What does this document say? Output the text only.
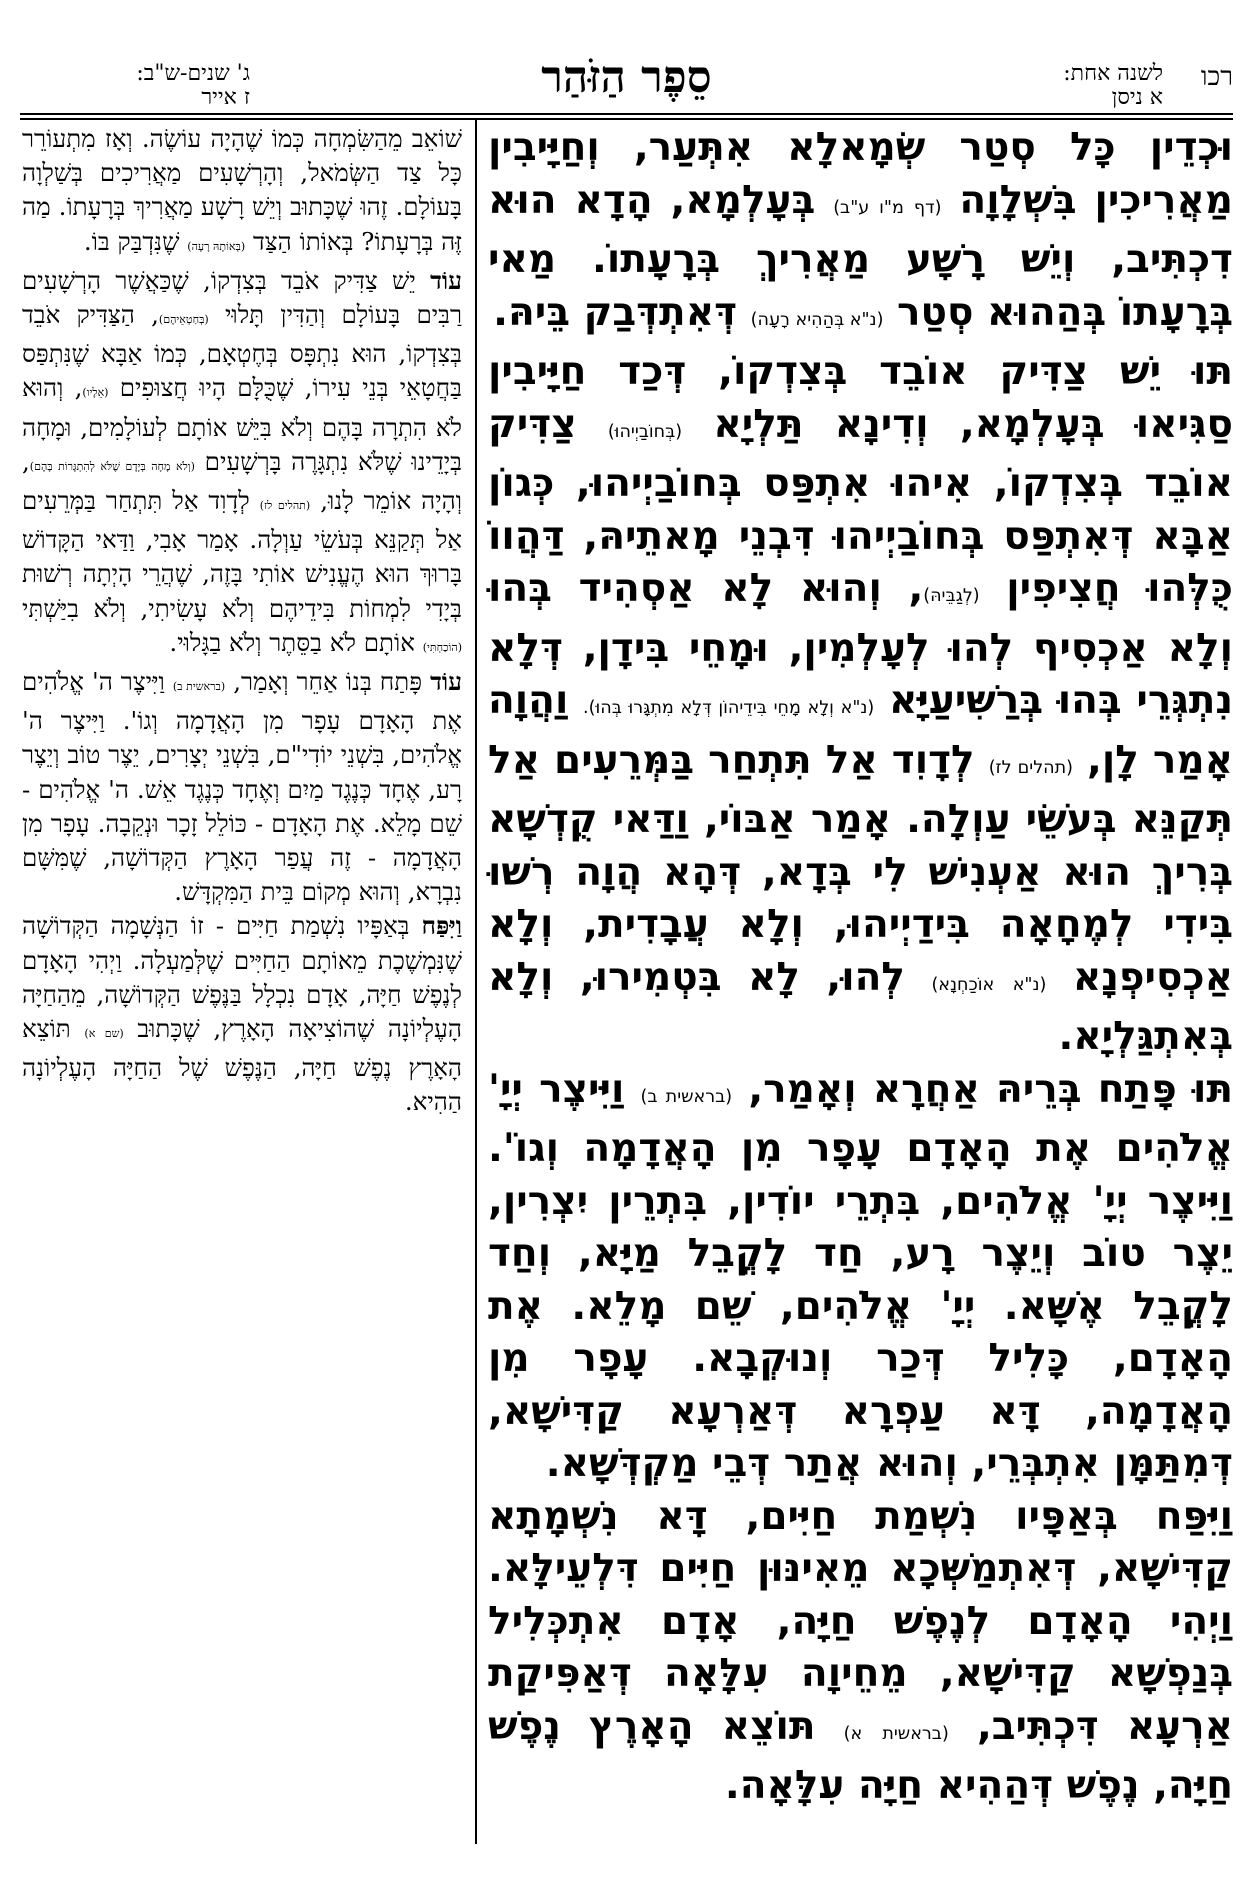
רכו
לשנה אחת:
א ניסן
סֵפֶר הַזֹּהַר
ג' שנים-ש"ב:
ז אייר

וּכְדֵין כָּל סְטַר שְׂמָאלָא אִתְּעַר, וְחַיָּיבִין מַאֲרִיכִין בִּשְׁלָוָה (דף מ"ו ע"ב) בְּעָלְמָא, הָדָא הוּא דִכְתִּיב, וְיֵשׁ רָשָׁע מַאֲרִיךְ בְּרָעָתוֹ. מַאי בְּרָעָתוֹ בְּהַהוּא סְטַר (נ"א בְּהַהִיא רָעָה) דְּאִתְדְּבַק בֵּיהּ.

תּוּ יֵשׁ צַדִּיק אוֹבֵד בְּצִדְקוֹ, דְּכַד חַיָּיבִין סַגִּיאוּ בְּעָלְמָא, וְדִינָא תַּלְיָא (בְּחוֹבַיְיהוּ) צַדִּיק אוֹבֵד בְּצִדְקוֹ, אִיהוּ אִתְפַּס בְּחוֹבַיְיהוּ, כְּגוֹן אַבָּא דְּאִתְפַּס בְּחוֹבַיְיהוּ דִּבְנֵי מָאתֵיהּ, דַּהֲווֹ כֻּלְּהוּ חֲצִיפִין (לְגַבֵּיהּ), וְהוּא לָא אַסְהִיד בְּהוּ וְלָא אַכְסִיף לְהוּ לְעָלְמִין, וּמָחֵי בִּידָן, דְּלָא נִתְגְּרֵי בְּהוּ בְּרַשִּׁיעַיָּא (נ"א וְלָא מָחֵי בִּידֵיהוֹן דְּלָא מִתְגָּרוּ בְּהוּ). וַהֲוָה אָמַר לָן, (תהלים לז) לְדָוִד אַל תִּתְחַר בַּמְּרֵעִים אַל תְּקַנֵּא בְּעֹשֵׂי עַוְלָה. אָמַר אַבּוֹי, וַדַּאי קֻדְשָׁא בְּרִיךְ הוּא אַעְנִישׁ לִי בְּדָא, דְּהָא הֲוָה רְשׁוּ בִּידִי לְמֶחָאָה בִּידַיְיהוּ, וְלָא עֲבָדִית, וְלָא אַכְסִיפְנָא (נ"א אוֹכַחְנָא) לְהוּ, לָא בִּטְמִירוּ, וְלָא בְּאִתְגַּלְיָא.

תּוּ פָּתַח בְּרֵיהּ אַחֲרָא וְאָמַר, (בראשית ב) וַיִּיצֶר יְיָ' אֱלֹהִים אֶת הָאָדָם עָפָר מִן הָאֲדָמָה וְגוֹ'. וַיִּיצֶר יְיָ' אֱלֹהִים, בִּתְרֵי יוֹדִין, בִּתְרֵין יִצְרִין, יֵצֶר טוֹב וְיֵצֶר רָע, חַד לָקֳבֵל מַיָּא, וְחַד לָקֳבֵל אֶשָּׁא. יְיָ' אֱלֹהִים, שֵׁם מָלֵא. אֶת הָאָדָם, כָּלִיל דְּכַר וְנוּקְבָא. עָפָר מִן הָאֲדָמָה, דָּא עַפְרָא דְּאַרְעָא קַדִּישָׁא, דְּמִתַּמָּן אִתְבְּרֵי, וְהוּא אֲתַר דְּבֵי מַקְדְּשָׁא.

וַיִּפַּח בְּאַפָּיו נִשְׁמַת חַיִּים, דָּא נִשְׁמָתָא קַדִּישָׁא, דְּאִתְמַשְּׁכָא מֵאִינּוּן חַיִּים דִּלְעֵילָּא. וַיְהִי הָאָדָם לְנֶפֶשׁ חַיָּה, אָדָם אִתְכְּלִיל בְּנַפְשָׁא קַדִּישָׁא, מֵחֵיוָה עִלָּאָה דְּאַפִּיקַת אַרְעָא דִּכְתִּיב, (בראשית א) תּוֹצֵא הָאָרֶץ נֶפֶשׁ חַיָּה, נֶפֶשׁ דְּהַהִיא חַיָּה עִלָּאָה.

שׁוֹאֵב מֵהַשִּׂמְחָה כְּמוֹ שֶׁהָיָה עוֹשֶׂה. וְאָז מִתְעוֹרֵר כָּל צַד הַשְּׂמֹאל, וְהָרְשָׁעִים מַאֲרִיכִים בְּשַׁלְוָה בָּעוֹלָם. זֶהוּ שֶׁכָּתוּב וְיֵשׁ רָשָׁע מַאֲרִיךְ בְּרָעָתוֹ. מַה זֶּה בְּרָעָתוֹ? בְּאוֹתוֹ הַצַּד (בְּאוֹתָהּ רָעָה) שֶׁנִּדְבַּק בּוֹ.

עוֹד יֵשׁ צַדִּיק אֹבֵד בְּצִדְקוֹ, שֶׁכַּאֲשֶׁר הָרְשָׁעִים רַבִּים בָּעוֹלָם וְהַדִּין תָּלוּי (בְּחַטְאֵיהֶם), הַצַּדִּיק אֹבֵד בְּצִדְקוֹ, הוּא נִתְפָּס בְּחֶטְאָם, כְּמוֹ אַבָּא שֶׁנִּתְפַּס בַּחֲטָאֵי בְּנֵי עִירוֹ, שֶׁכֻּלָּם הָיוּ חֲצוּפִים (אֵלָיו), וְהוּא לֹא הִתְרָה בָּהֶם וְלֹא בִּיֵּשׁ אוֹתָם לְעוֹלָמִים, וּמָחָה בְּיָדֵינוּ שֶׁלֹּא נִתְגָּרֶה בָּרְשָׁעִים (וְלֹא מָחָה בְּיָדָם שֶׁלֹּא לְהִתְגָּרוֹת בָּהֶם), וְהָיָה אוֹמֵר לָנוּ, (תהלים לז) לְדָוִד אַל תִּתְחַר בַּמְּרֵעִים אַל תְּקַנֵּא בְּעֹשֵׂי עַוְלָה. אָמַר אָבִי, וַדַּאי הַקָּדוֹשׁ בָּרוּךְ הוּא הֶעֱנִישׁ אוֹתִי בָּזֶה, שֶׁהֲרֵי הָיְתָה רְשׁוּת בְּיָדִי לִמְחוֹת בִּידֵיהֶם וְלֹא עָשִׂיתִי, וְלֹא בִיַּשְׁתִּי (הוֹכַחְתִּי) אוֹתָם לֹא בַסֵּתֶר וְלֹא בַגָּלוּי.

עוֹד פָּתַח בְּנוֹ אַחֵר וְאָמַר, (בראשית ב) וַיִּיצֶר ה' אֱלֹהִים אֶת הָאָדָם עָפָר מִן הָאֲדָמָה וְגוֹ'. וַיִּיצֶר ה' אֱלֹהִים, בִּשְׁנֵי יוֹדִי"ם, בִּשְׁנֵי יְצָרִים, יֵצֶר טוֹב וְיֵצֶר רָע, אֶחָד כְּנֶגֶד מַיִם וְאֶחָד כְּנֶגֶד אֵשׁ. ה' אֱלֹהִים - שֵׁם מָלֵא. אֶת הָאָדָם - כּוֹלֵל זָכָר וּנְקֵבָה. עָפָר מִן הָאֲדָמָה - זֶה עֲפַר הָאָרֶץ הַקְּדוֹשָׁה, שֶׁמִּשָּׁם נִבְרָא, וְהוּא מְקוֹם בֵּית הַמִּקְדָּשׁ.

וַיִּפַּח בְּאַפָּיו נִשְׁמַת חַיִּים - זוֹ הַנְּשָׁמָה הַקְּדוֹשָׁה שֶׁנִּמְשֶׁכֶת מֵאוֹתָם הַחַיִּים שֶׁלְּמַעְלָה. וַיְהִי הָאָדָם לְנֶפֶשׁ חַיָּה, אָדָם נִכְלָל בַּנֶּפֶשׁ הַקְּדוֹשָׁה, מֵהַחַיָּה הָעֶלְיוֹנָה שֶׁהוֹצִיאָה הָאָרֶץ, שֶׁכָּתוּב (שם א) תּוֹצֵא הָאָרֶץ נֶפֶשׁ חַיָּה, הַנֶּפֶשׁ שֶׁל הַחַיָּה הָעֶלְיוֹנָה הַהִיא.
